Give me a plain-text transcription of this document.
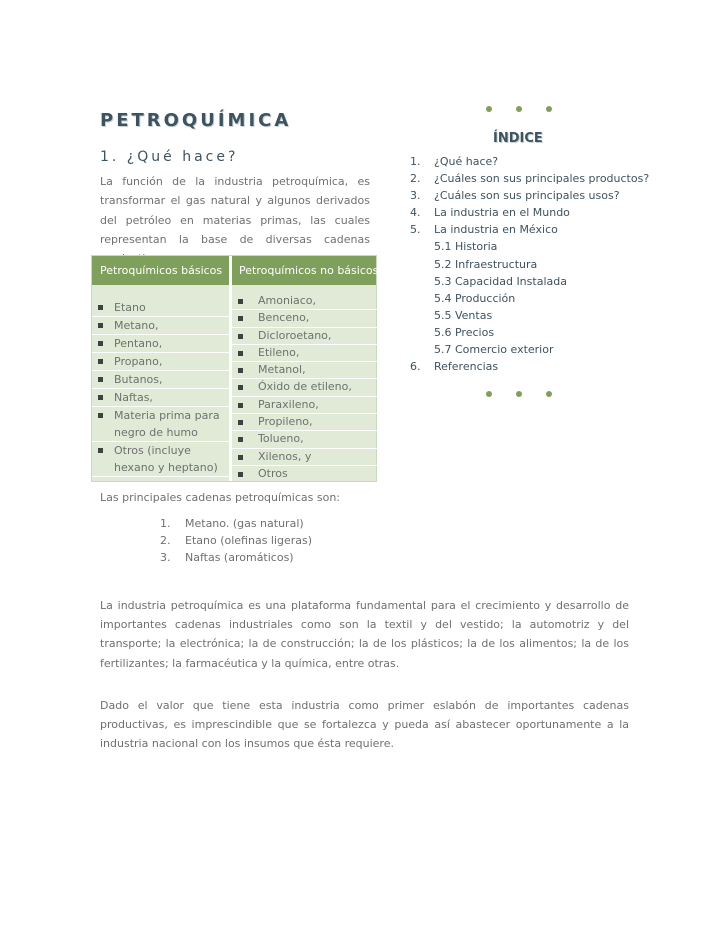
PETROQUÍMICA
1. ¿Qué hace?

La función de la industria petroquímica, es transformar el gas natural y algunos derivados del petróleo en materias primas, las cuales representan la base de diversas cadenas

Petroquímicos básicos Petroquímicos no básicos
Etano
Metano,
Pentano,
Propano,
Butanos,
Naftas,
Materia prima para negro de humo
Otros (incluye hexano y heptano)
Amoniaco,
Benceno,
Dicloroetano,
Etileno,
Metanol,
Óxido de etileno,
Paraxileno,
Propileno,
Tolueno,
Xilenos, y
Otros

Las principales cadenas petroquímicas son:

1. Metano. (gas natural)
2. Etano (olefinas ligeras)
3. Naftas (aromáticos)

La industria petroquímica es una plataforma fundamental para el crecimiento y desarrollo de importantes cadenas industriales como son la textil y del vestido; la automotriz y del transporte; la electrónica; la de construcción; la de los plásticos; la de los alimentos; la de los fertilizantes; la farmacéutica y la química, entre otras.

Dado el valor que tiene esta industria como primer eslabón de importantes cadenas productivas, es imprescindible que se fortalezca y pueda así abastecer oportunamente a la industria nacional con los insumos que ésta requiere.

ÍNDICE
1. ¿Qué hace?
2. ¿Cuáles son sus principales productos?
3. ¿Cuáles son sus principales usos?
4. La industria en el Mundo
5. La industria en México
5.1 Historia
5.2 Infraestructura
5.3 Capacidad Instalada
5.4 Producción
5.5 Ventas
5.6 Precios
5.7 Comercio exterior
6. Referencias
